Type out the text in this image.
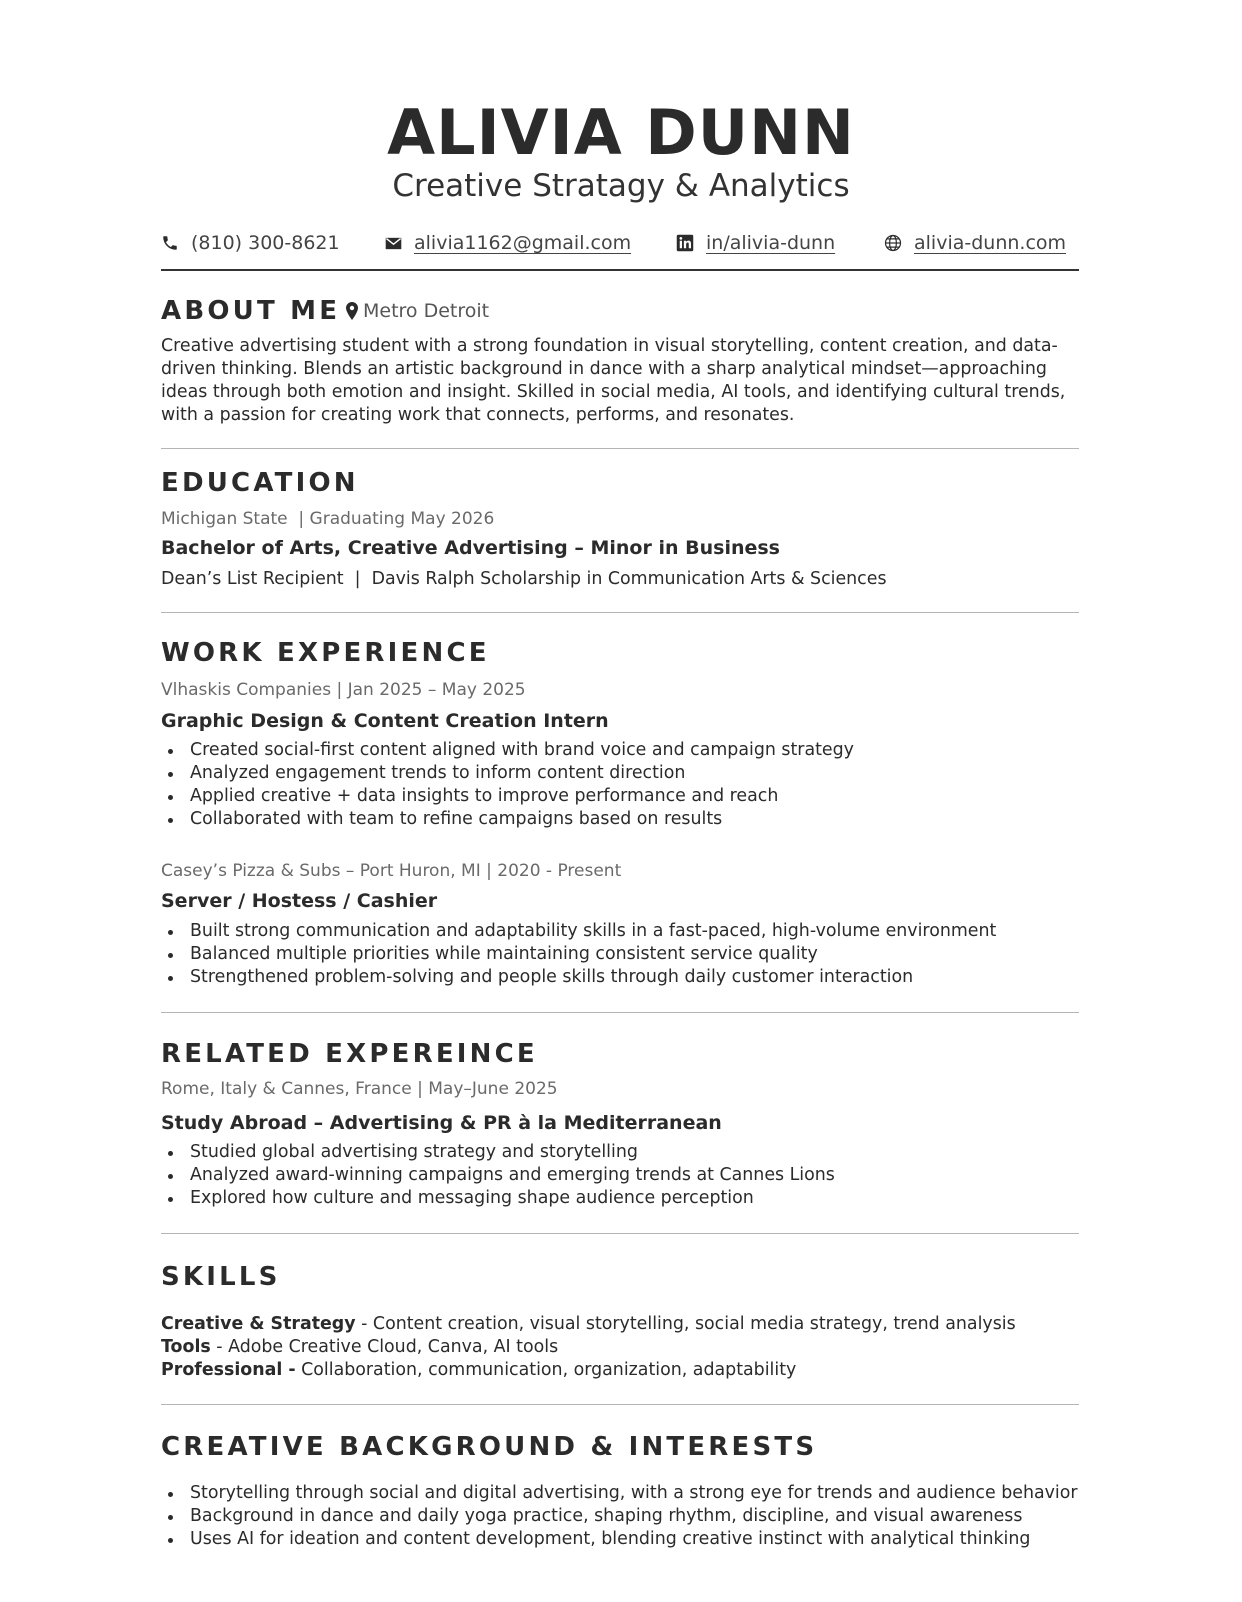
ALIVIA DUNN
Creative Stratagy & Analytics
(810) 300-8621	alivia1162@gmail.com	in/alivia-dunn	alivia-dunn.com
ABOUT ME Metro Detroit
Creative advertising student with a strong foundation in visual storytelling, content creation, and data-driven thinking. Blends an artistic background in dance with a sharp analytical mindset—approaching ideas through both emotion and insight. Skilled in social media, AI tools, and identifying cultural trends, with a passion for creating work that connects, performs, and resonates.
EDUCATION
Michigan State  | Graduating May 2026
Bachelor of Arts, Creative Advertising – Minor in Business
Dean’s List Recipient  |  Davis Ralph Scholarship in Communication Arts & Sciences
WORK EXPERIENCE
Vlhaskis Companies | Jan 2025 – May 2025
Graphic Design & Content Creation Intern
Created social-first content aligned with brand voice and campaign strategy
Analyzed engagement trends to inform content direction
Applied creative + data insights to improve performance and reach
Collaborated with team to refine campaigns based on results
Casey’s Pizza & Subs – Port Huron, MI | 2020 - Present
Server / Hostess / Cashier
Built strong communication and adaptability skills in a fast-paced, high-volume environment
Balanced multiple priorities while maintaining consistent service quality
Strengthened problem-solving and people skills through daily customer interaction
RELATED EXPEREINCE
Rome, Italy & Cannes, France | May–June 2025
Study Abroad – Advertising & PR à la Mediterranean
Studied global advertising strategy and storytelling
Analyzed award-winning campaigns and emerging trends at Cannes Lions
Explored how culture and messaging shape audience perception
SKILLS
Creative & Strategy - Content creation, visual storytelling, social media strategy, trend analysis
Tools - Adobe Creative Cloud, Canva, AI tools
Professional - Collaboration, communication, organization, adaptability
CREATIVE BACKGROUND & INTERESTS
Storytelling through social and digital advertising, with a strong eye for trends and audience behavior
Background in dance and daily yoga practice, shaping rhythm, discipline, and visual awareness
Uses AI for ideation and content development, blending creative instinct with analytical thinking
